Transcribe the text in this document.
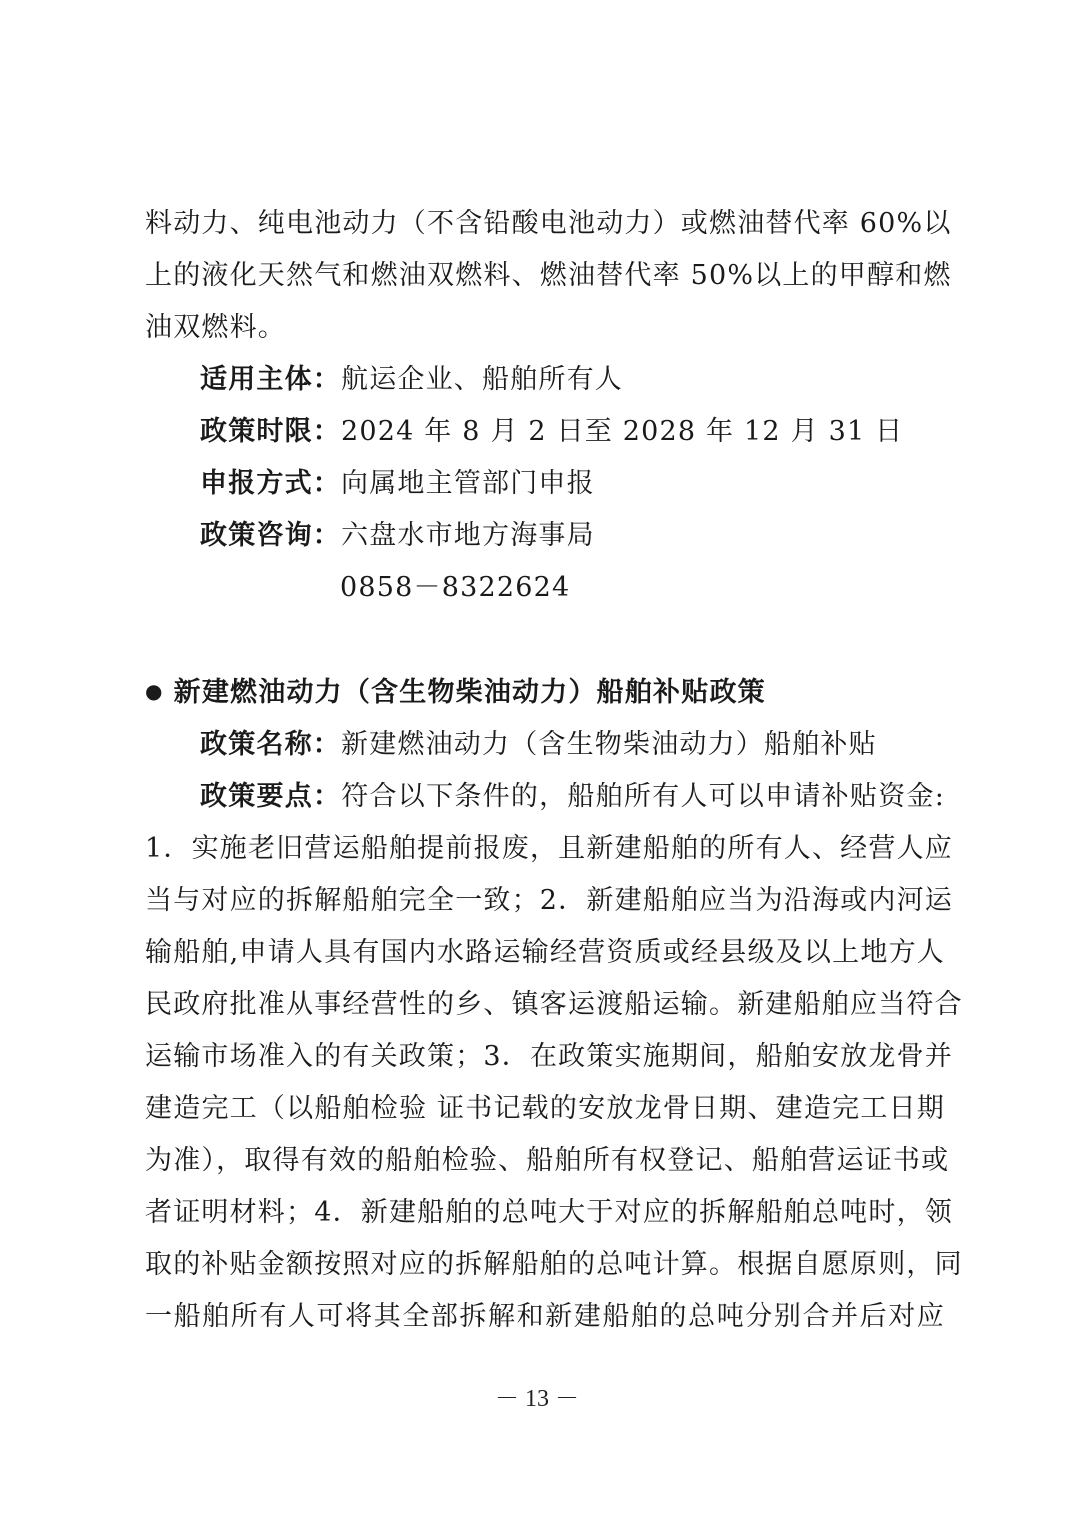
料动力、纯电池动力（不含铅酸电池动力）或燃油替代率 60%以
上的液化天然气和燃油双燃料、燃油替代率 50%以上的甲醇和燃
油双燃料。
适用主体：航运企业、船舶所有人
政策时限：2024 年 8 月 2 日至 2028 年 12 月 31 日
申报方式：向属地主管部门申报
政策咨询：六盘水市地方海事局
0858－8322624
● 新建燃油动力（含生物柴油动力）船舶补贴政策
政策名称：新建燃油动力（含生物柴油动力）船舶补贴
政策要点：符合以下条件的，船舶所有人可以申请补贴资金:
1．实施老旧营运船舶提前报废，且新建船舶的所有人、经营人应
当与对应的拆解船舶完全一致；2．新建船舶应当为沿海或内河运
输船舶,申请人具有国内水路运输经营资质或经县级及以上地方人
民政府批准从事经营性的乡、镇客运渡船运输。新建船舶应当符合
运输市场准入的有关政策；3．在政策实施期间，船舶安放龙骨并
建造完工（以船舶检验 证书记载的安放龙骨日期、建造完工日期
为准），取得有效的船舶检验、船舶所有权登记、船舶营运证书或
者证明材料；4．新建船舶的总吨大于对应的拆解船舶总吨时，领
取的补贴金额按照对应的拆解船舶的总吨计算。根据自愿原则，同
一船舶所有人可将其全部拆解和新建船舶的总吨分别合并后对应
－ 13 －
